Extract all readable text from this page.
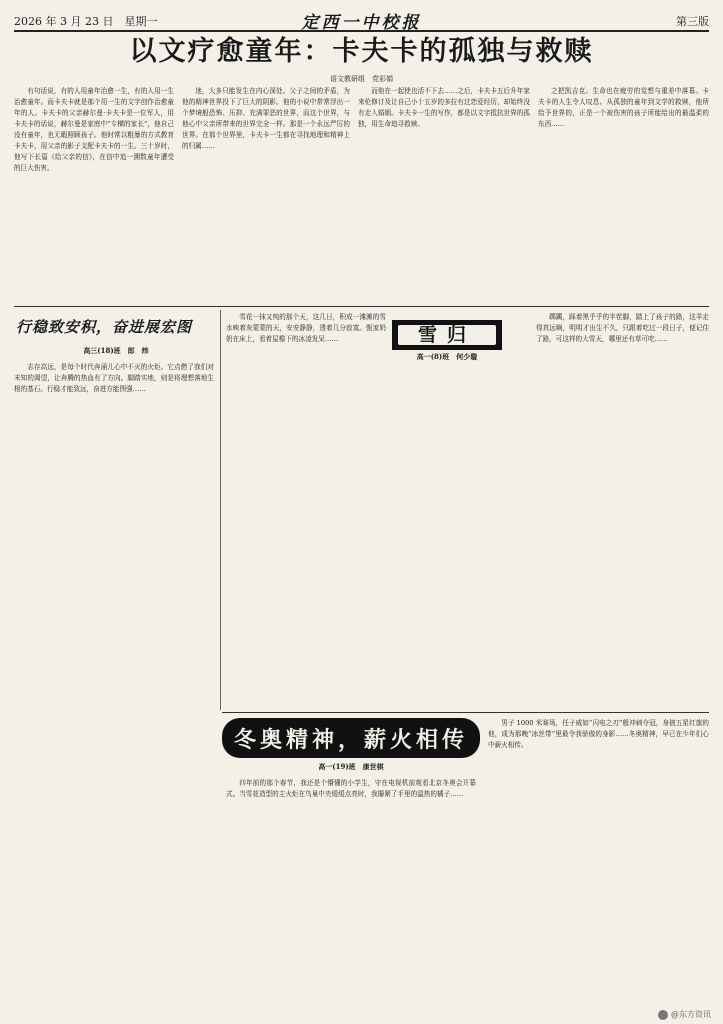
2026 年 3 月 23 日　星期一	定西一中校报	第三版
以文疗愈童年：卡夫卡的孤独与救赎
语文教研组　党彩娟

有句话说，有的人用童年治愈一生，有的人用一生治愈童年。而卡夫卡就是那个用一生的文字创作治愈童年的人。卡夫卡的父亲赫尔曼·卡夫卡是一位军人，用卡夫卡的话说，赫尔曼是家庭中“专横的家长”，他自己没有童年，也无暇照顾孩子。他时常以粗暴的方式教育卡夫卡，用父亲的影子支配卡夫卡的一生。三十岁时，他写下长篇《给父亲的信》，在信中追一溯数童年遭受的巨大伤害。

迷，大多只能发生在内心深处。父子之间的矛盾，为他的精神世界投下了巨大的阴影。他的小说中常常浮出一个梦境般恐怖、压抑、充满罪恶的世界，而这个世界，与他心中父亲所带来的世界完全一样。那是一个永远严厉的世界。在那个世界里，卡夫卡一生都在寻找地理和精神上的归属……

而他在一起使也活不下去……之后，卡夫卡五后升年家来伦修订及让自己小十五岁的多拉有过恋爱经历，却始终没有走入婚姻。卡夫卡一生的写作，都是以文字抵抗世界的孤独，用生命追寻救赎。

之把凯吉克。生命也在疲劳的觉想与重差中落幕。卡夫卡的人生令人叹息。从孤独的童年到文学的救赎，他所给予世界的，正是一个被伤害的孩子所能给出的最温柔的东西……

行稳致安积，奋进展宏图
高三(18)班　郎　炜

志存高远，是每个时代奔涌儿心中不灭的火炬。它点燃了我们对未知的渴望，让奔腾的热血有了方向。脚踏实地，则是将理想落地生根的基石。行稳才能致远，奋进方能图强……

雪归
高一(8)班　何少璇

雪花一抹又纯的那个天，这几日，积成一滩滩的雪水映着灰蒙蒙的天，安安静静，透着几分寂寞。甄家奶奶在床上，看着屋檐下的冰凌发呆……

踯躅，踩着黑乎乎的半茬脚，踏上了孩子的路，这羊走得真远啊，明明才出生不久，只跟着吃过一段日子，便记住了路，可这样的大雪天，哪里还有草可吃……

冬奥精神，薪火相传
高一(19)班　康世棋

四年前的那个春节，我还是个懵懂的小学生，守在电视机前观看北京冬奥会开幕式。当雪花造型的主火炬在鸟巢中央缓缓点亮时，我攥紧了手里的温热的橘子……

男子 1000 米赛场，任子威如“闪电之刃”般冲刺夺冠，身披五星红旗的他，成为那晚“冰丝带”里最令我骄傲的身影……冬奥精神，早已在少年们心中薪火相传。

@东方资讯
